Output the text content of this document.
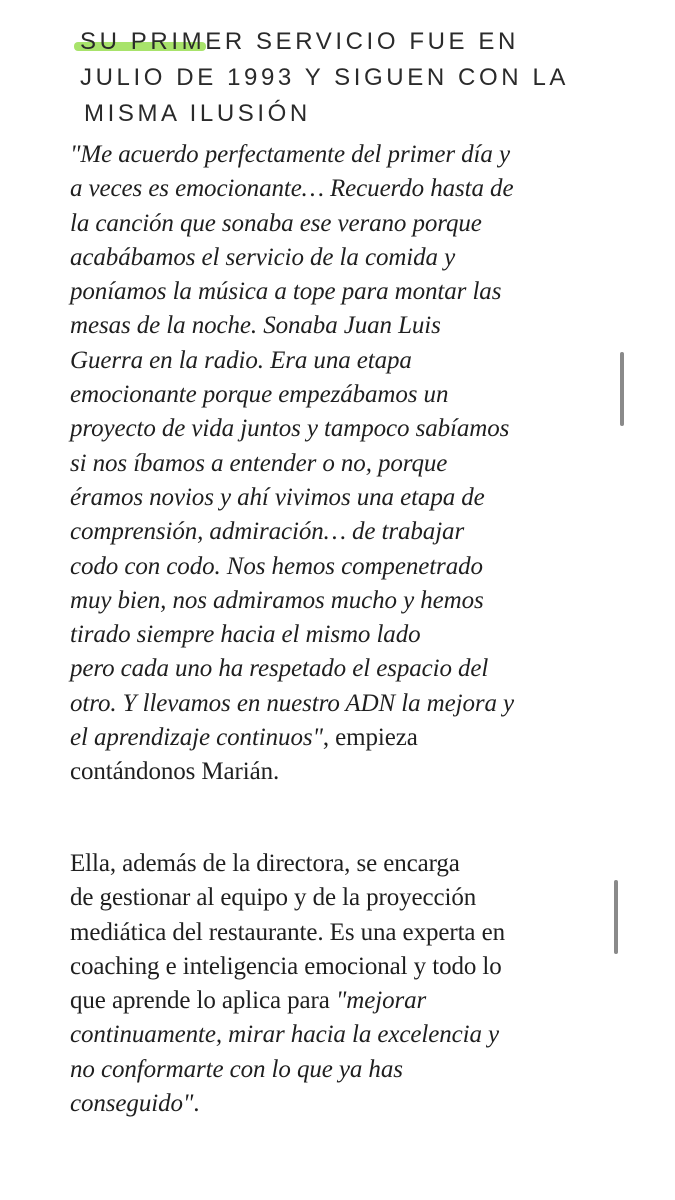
SU PRIMER SERVICIO FUE EN
JULIO DE 1993 Y SIGUEN CON LA
MISMA ILUSIÓN

"Me acuerdo perfectamente del primer día y
a veces es emocionante… Recuerdo hasta de
la canción que sonaba ese verano porque
acabábamos el servicio de la comida y
poníamos la música a tope para montar las
mesas de la noche. Sonaba Juan Luis
Guerra en la radio. Era una etapa
emocionante porque empezábamos un
proyecto de vida juntos y tampoco sabíamos
si nos íbamos a entender o no, porque
éramos novios y ahí vivimos una etapa de
comprensión, admiración… de trabajar
codo con codo. Nos hemos compenetrado
muy bien, nos admiramos mucho y hemos
tirado siempre hacia el mismo lado
pero cada uno ha respetado el espacio del
otro. Y llevamos en nuestro ADN la mejora y
el aprendizaje continuos", empieza
contándonos Marián.

Ella, además de la directora, se encarga
de gestionar al equipo y de la proyección
mediática del restaurante. Es una experta en
coaching e inteligencia emocional y todo lo
que aprende lo aplica para "mejorar
continuamente, mirar hacia la excelencia y
no conformarte con lo que ya has
conseguido".
